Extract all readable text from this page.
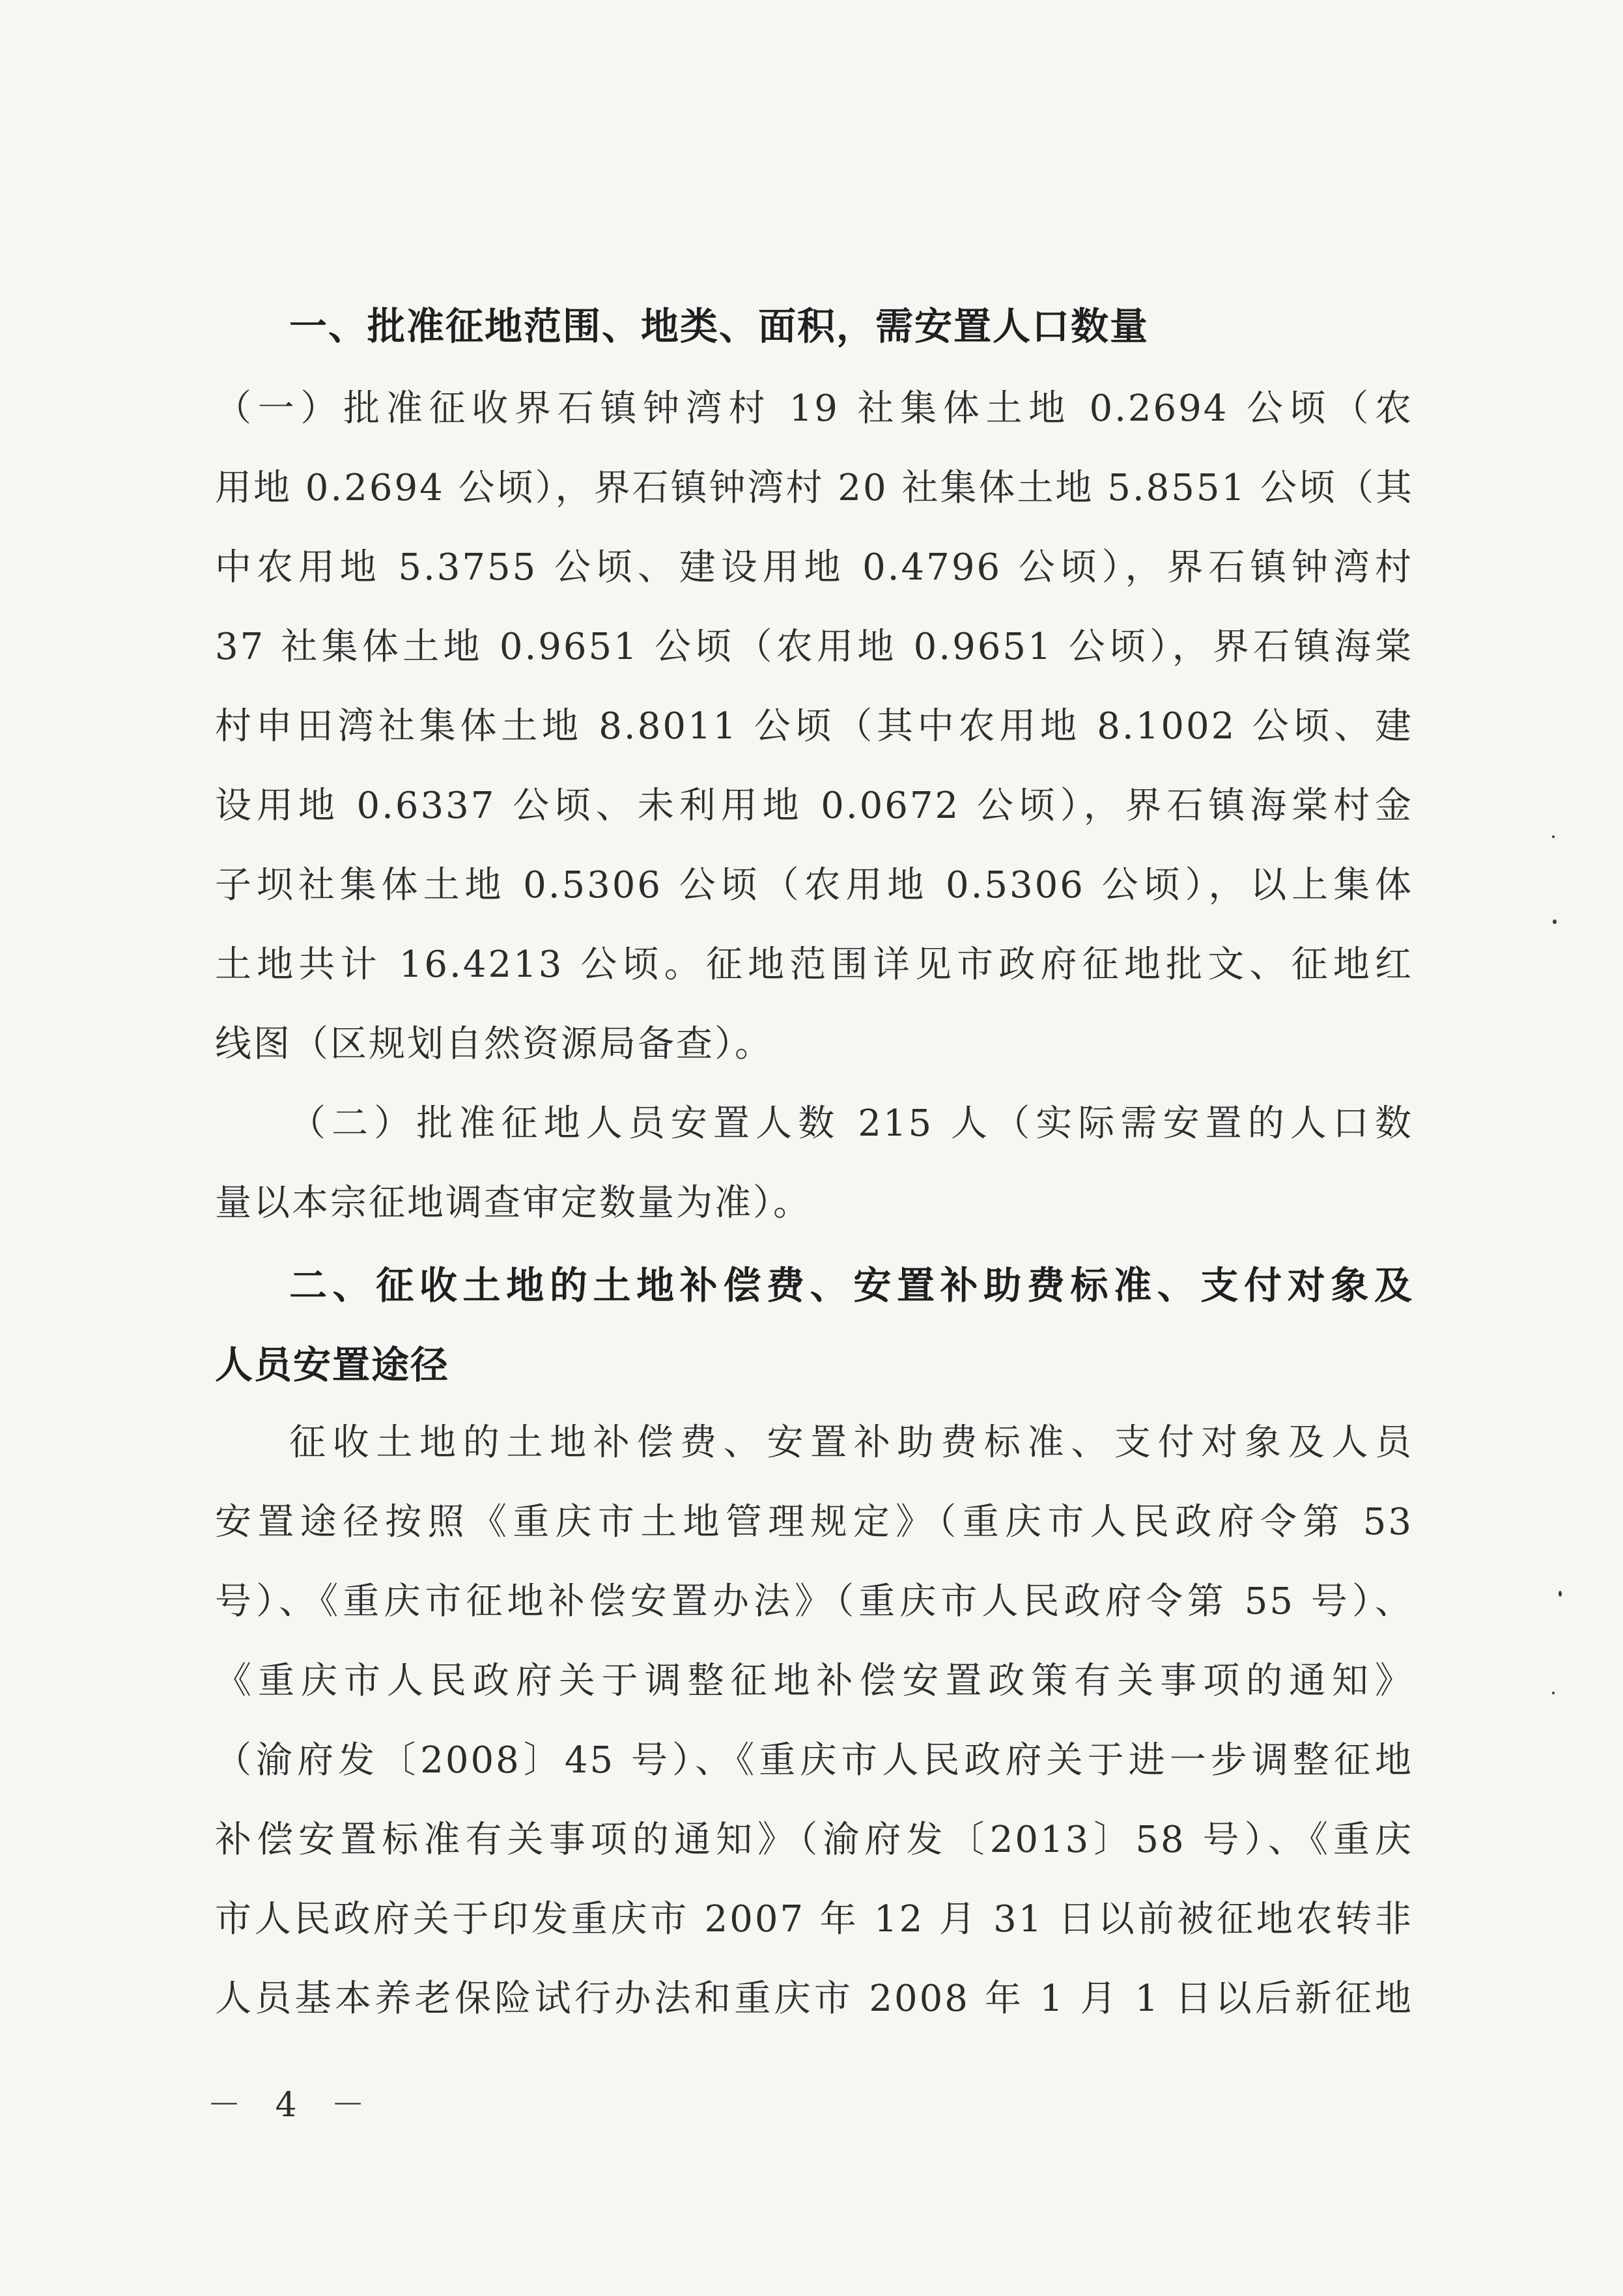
一、批准征地范围、地类、面积，需安置人口数量

（一）批准征收界石镇钟湾村 19 社集体土地 0.2694 公顷（农

用地 0.2694 公顷），界石镇钟湾村 20 社集体土地 5.8551 公顷（其

中农用地 5.3755 公顷、建设用地 0.4796 公顷），界石镇钟湾村

37 社集体土地 0.9651 公顷（农用地 0.9651 公顷），界石镇海棠

村申田湾社集体土地 8.8011 公顷（其中农用地 8.1002 公顷、建

设用地 0.6337 公顷、未利用地 0.0672 公顷），界石镇海棠村金

子坝社集体土地 0.5306 公顷（农用地 0.5306 公顷），以上集体

土地共计 16.4213 公顷。征地范围详见市政府征地批文、征地红

线图（区规划自然资源局备查）。

（二）批准征地人员安置人数 215 人（实际需安置的人口数

量以本宗征地调查审定数量为准）。

二、征收土地的土地补偿费、安置补助费标准、支付对象及

人员安置途径

征收土地的土地补偿费、安置补助费标准、支付对象及人员

安置途径按照《重庆市土地管理规定》（重庆市人民政府令第 53

号）、《重庆市征地补偿安置办法》（重庆市人民政府令第 55 号）、

《重庆市人民政府关于调整征地补偿安置政策有关事项的通知》

（渝府发〔2008〕45 号）、《重庆市人民政府关于进一步调整征地

补偿安置标准有关事项的通知》（渝府发〔2013〕58 号）、《重庆

市人民政府关于印发重庆市 2007 年 12 月 31 日以前被征地农转非

人员基本养老保险试行办法和重庆市 2008 年 1 月 1 日以后新征地

－ 4 －
